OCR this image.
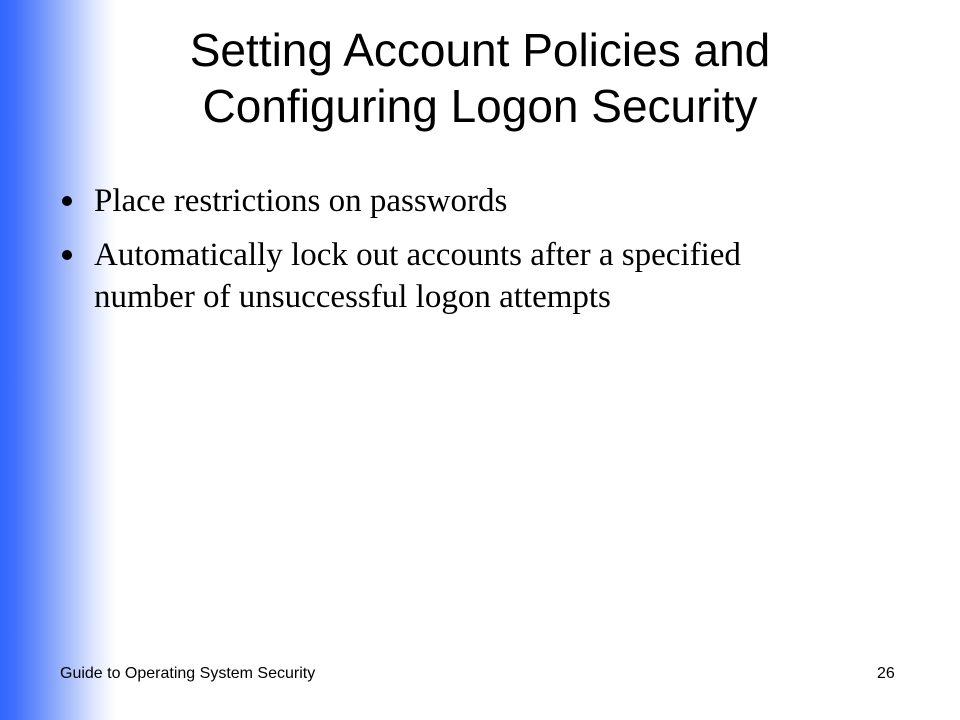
Setting Account Policies and
Configuring Logon Security
Place restrictions on passwords
Automatically lock out accounts after a specified number of unsuccessful logon attempts
Guide to Operating System Security	26
